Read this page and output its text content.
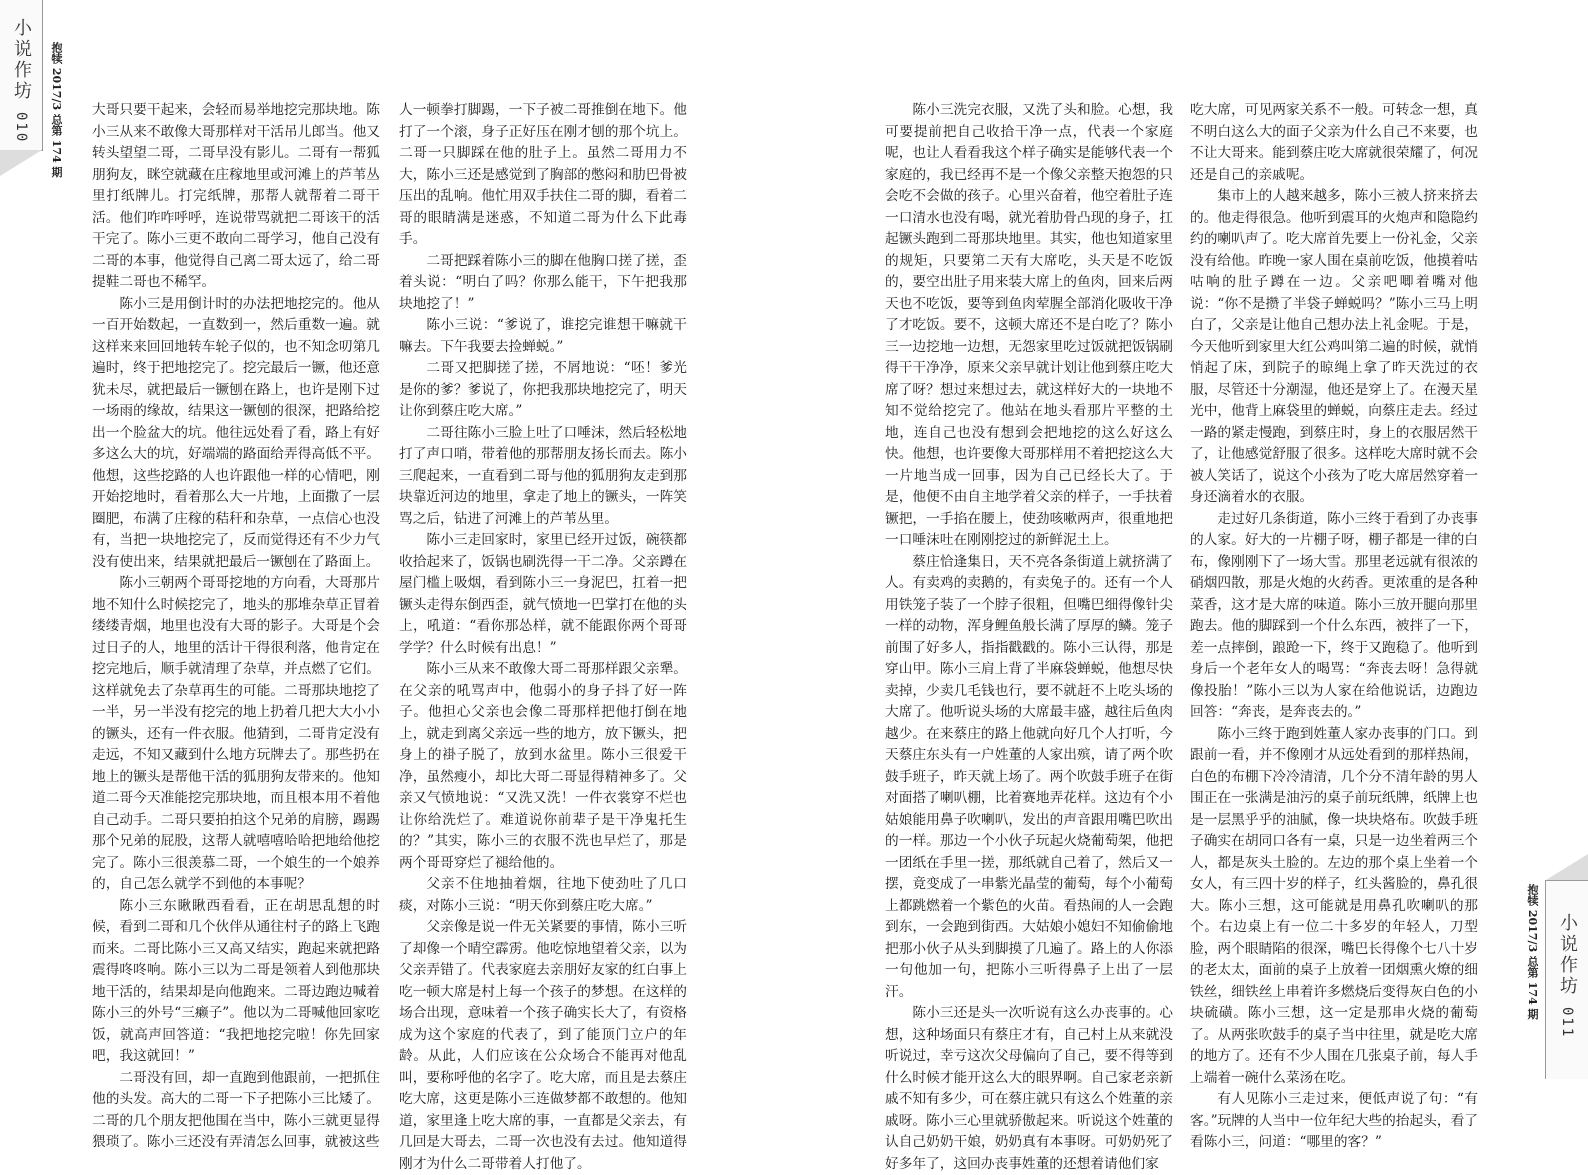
小说作坊
010 抱犊 2017/3 总第 174 期
小说作坊
011
抱犊 2017/3 总第 174 期

大哥只要干起来，会轻而易举地挖完那块地。陈小三从来不敢像大哥那样对干活吊儿郎当。他又转头望望二哥，二哥早没有影儿。二哥有一帮狐朋狗友，眯空就藏在庄稼地里或河滩上的芦苇丛里打纸牌儿。打完纸牌，那帮人就帮着二哥干活。他们咋咋呼呼，连说带骂就把二哥该干的活干完了。陈小三更不敢向二哥学习，他自己没有二哥的本事，他觉得自己离二哥太远了，给二哥提鞋二哥也不稀罕。

陈小三是用倒计时的办法把地挖完的。他从一百开始数起，一直数到一，然后重数一遍。就这样来来回回地转车轮子似的，也不知念叨第几遍时，终于把地挖完了。挖完最后一镢，他还意犹未尽，就把最后一镢刨在路上，也许是刚下过一场雨的缘故，结果这一镢刨的很深，把路给挖出一个脸盆大的坑。他往远处看了看，路上有好多这么大的坑，好端端的路面给弄得高低不平。他想，这些挖路的人也许跟他一样的心情吧，刚开始挖地时，看着那么大一片地，上面撒了一层圈肥，布满了庄稼的秸秆和杂草，一点信心也没有，当把一块地挖完了，反而觉得还有不少力气没有使出来，结果就把最后一镢刨在了路面上。

陈小三朝两个哥哥挖地的方向看，大哥那片地不知什么时候挖完了，地头的那堆杂草正冒着缕缕青烟，地里也没有大哥的影子。大哥是个会过日子的人，地里的活计干得很利落，他肯定在挖完地后，顺手就清理了杂草，并点燃了它们。这样就免去了杂草再生的可能。二哥那块地挖了一半，另一半没有挖完的地上扔着几把大大小小的镢头，还有一件衣服。他猜到，二哥肯定没有走远，不知又藏到什么地方玩牌去了。那些扔在地上的镢头是帮他干活的狐朋狗友带来的。他知道二哥今天准能挖完那块地，而且根本用不着他自己动手。二哥只要拍拍这个兄弟的肩膀，踢踢那个兄弟的屁股，这帮人就嘻嘻哈哈把地给他挖完了。陈小三很羡慕二哥，一个娘生的一个娘养的，自己怎么就学不到他的本事呢？

陈小三东瞅瞅西看看，正在胡思乱想的时候，看到二哥和几个伙伴从通往村子的路上飞跑而来。二哥比陈小三又高又结实，跑起来就把路震得咚咚响。陈小三以为二哥是领着人到他那块地干活的，结果却是向他跑来。二哥边跑边喊着陈小三的外号“三癞子”。他以为二哥喊他回家吃饭，就高声回答道：“我把地挖完啦！你先回家吧，我这就回！”

二哥没有回，却一直跑到他跟前，一把抓住他的头发。高大的二哥一下子把陈小三比矮了。二哥的几个朋友把他围在当中，陈小三就更显得猥琐了。陈小三还没有弄清怎么回事，就被这些

人一顿拳打脚踢，一下子被二哥推倒在地下。他打了一个滚，身子正好压在刚才刨的那个坑上。二哥一只脚踩在他的肚子上。虽然二哥用力不大，陈小三还是感觉到了胸部的憋闷和肋巴骨被压出的乱响。他忙用双手扶住二哥的脚，看着二哥的眼睛满是迷惑，不知道二哥为什么下此毒手。

二哥把踩着陈小三的脚在他胸口搓了搓，歪着头说：“明白了吗？你那么能干，下午把我那块地挖了！”

陈小三说：“爹说了，谁挖完谁想干嘛就干嘛去。下午我要去捡蝉蜕。”

二哥又把脚搓了搓，不屑地说：“呸！爹光是你的爹？爹说了，你把我那块地挖完了，明天让你到蔡庄吃大席。”

二哥往陈小三脸上吐了口唾沫，然后轻松地打了声口哨，带着他的那帮朋友扬长而去。陈小三爬起来，一直看到二哥与他的狐朋狗友走到那块靠近河边的地里，拿走了地上的镢头，一阵笑骂之后，钻进了河滩上的芦苇丛里。

陈小三走回家时，家里已经开过饭，碗筷都收拾起来了，饭锅也刷洗得一干二净。父亲蹲在屋门槛上吸烟，看到陈小三一身泥巴，扛着一把镢头走得东倒西歪，就气愤地一巴掌打在他的头上，吼道：“看你那怂样，就不能跟你两个哥哥学学？什么时候有出息！”

陈小三从来不敢像大哥二哥那样跟父亲犟。在父亲的吼骂声中，他弱小的身子抖了好一阵子。他担心父亲也会像二哥那样把他打倒在地上，就走到离父亲远一些的地方，放下镢头，把身上的褂子脱了，放到水盆里。陈小三很爱干净，虽然瘦小，却比大哥二哥显得精神多了。父亲又气愤地说：“又洗又洗！一件衣裳穿不烂也让你给洗烂了。难道说你前辈子是干净鬼托生的？”其实，陈小三的衣服不洗也早烂了，那是两个哥哥穿烂了褪给他的。

父亲不住地抽着烟，往地下使劲吐了几口痰，对陈小三说：“明天你到蔡庄吃大席。”

父亲像是说一件无关紧要的事情，陈小三听了却像一个晴空霹雳。他吃惊地望着父亲，以为父亲弄错了。代表家庭去亲朋好友家的红白事上吃一顿大席是村上每一个孩子的梦想。在这样的场合出现，意味着一个孩子确实长大了，有资格成为这个家庭的代表了，到了能顶门立户的年龄。从此，人们应该在公众场合不能再对他乱叫，要称呼他的名字了。吃大席，而且是去蔡庄吃大席，这更是陈小三连做梦都不敢想的。他知道，家里逢上吃大席的事，一直都是父亲去，有几回是大哥去，二哥一次也没有去过。他知道得刚才为什么二哥带着人打他了。

陈小三洗完衣服，又洗了头和脸。心想，我可要提前把自己收拾干净一点，代表一个家庭呢，也让人看看我这个样子确实是能够代表一个家庭的，我已经再不是一个像父亲整天抱怨的只会吃不会做的孩子。心里兴奋着，他空着肚子连一口清水也没有喝，就光着肋骨凸现的身子，扛起镢头跑到二哥那块地里。其实，他也知道家里的规矩，只要第二天有大席吃，头天是不吃饭的，要空出肚子用来装大席上的鱼肉，回来后两天也不吃饭，要等到鱼肉荤腥全部消化吸收干净了才吃饭。要不，这顿大席还不是白吃了？陈小三一边挖地一边想，无怨家里吃过饭就把饭锅刷得干干净净，原来父亲早就计划让他到蔡庄吃大席了呀？想过来想过去，就这样好大的一块地不知不觉给挖完了。他站在地头看那片平整的土地，连自己也没有想到会把地挖的这么好这么快。他想，也许要像大哥那样用不着把挖这么大一片地当成一回事，因为自己已经长大了。于是，他便不由自主地学着父亲的样子，一手扶着镢把，一手掐在腰上，使劲咳嗽两声，很重地把一口唾沫吐在刚刚挖过的新鲜泥土上。

蔡庄恰逢集日，天不亮各条街道上就挤满了人。有卖鸡的卖鹅的，有卖兔子的。还有一个人用铁笼子装了一个脖子很粗，但嘴巴细得像针尖一样的动物，浑身鲤鱼般长满了厚厚的鳞。笼子前围了好多人，指指戳戳的。陈小三认得，那是穿山甲。陈小三肩上背了半麻袋蝉蜕，他想尽快卖掉，少卖几毛钱也行，要不就赶不上吃头场的大席了。他听说头场的大席最丰盛，越往后鱼肉越少。在来蔡庄的路上他就向好几个人打听，今天蔡庄东头有一户姓董的人家出殡，请了两个吹鼓手班子，昨天就上场了。两个吹鼓手班子在街对面搭了喇叭棚，比着赛地弄花样。这边有个小姑娘能用鼻子吹喇叭，发出的声音跟用嘴巴吹出的一样。那边一个小伙子玩起火烧葡萄架，他把一团纸在手里一搓，那纸就自己着了，然后又一摆，竟变成了一串紫光晶莹的葡萄，每个小葡萄上都跳燃着一个紫色的火苗。看热闹的人一会跑到东，一会跑到街西。大姑娘小媳妇不知偷偷地把那小伙子从头到脚摸了几遍了。路上的人你添一句他加一句，把陈小三听得鼻子上出了一层汗。

陈小三还是头一次听说有这么办丧事的。心想，这种场面只有蔡庄才有，自己村上从来就没听说过，幸亏这次父母偏向了自己，要不得等到什么时候才能开这么大的眼界啊。自己家老亲新戚不知有多少，可在蔡庄就只有这么个姓董的亲戚呀。陈小三心里就骄傲起来。听说这个姓董的认自己奶奶干娘，奶奶真有本事呀。可奶奶死了好多年了，这回办丧事姓董的还想着请他们家

吃大席，可见两家关系不一般。可转念一想，真不明白这么大的面子父亲为什么自己不来要，也不让大哥来。能到蔡庄吃大席就很荣耀了，何况还是自己的亲戚呢。

集市上的人越来越多，陈小三被人挤来挤去的。他走得很急。他听到震耳的火炮声和隐隐约约的喇叭声了。吃大席首先要上一份礼金，父亲没有给他。昨晚一家人围在桌前吃饭，他摸着咕咕响的肚子蹲在一边。父亲吧唧着嘴对他说：“你不是攒了半袋子蝉蜕吗？”陈小三马上明白了，父亲是让他自己想办法上礼金呢。于是，今天他听到家里大红公鸡叫第二遍的时候，就悄悄起了床，到院子的晾绳上拿了昨天洗过的衣服，尽管还十分潮湿，他还是穿上了。在漫天星光中，他背上麻袋里的蝉蜕，向蔡庄走去。经过一路的紧走慢跑，到蔡庄时，身上的衣服居然干了，让他感觉舒服了很多。这样吃大席时就不会被人笑话了，说这个小孩为了吃大席居然穿着一身还滴着水的衣服。

走过好几条街道，陈小三终于看到了办丧事的人家。好大的一片棚子呀，棚子都是一律的白布，像刚刚下了一场大雪。那里老远就有很浓的硝烟四散，那是火炮的火药香。更浓重的是各种菜香，这才是大席的味道。陈小三放开腿向那里跑去。他的脚踩到一个什么东西，被拌了一下，差一点摔倒，踉跄一下，终于又跑稳了。他听到身后一个老年女人的喝骂：“奔丧去呀！急得就像投胎！”陈小三以为人家在给他说话，边跑边回答：“奔丧，是奔丧去的。”

陈小三终于跑到姓董人家办丧事的门口。到跟前一看，并不像刚才从远处看到的那样热闹，白色的布棚下冷冷清清，几个分不清年龄的男人围正在一张满是油污的桌子前玩纸牌，纸牌上也是一层黑乎乎的油腻，像一块块烙布。吹鼓手班子确实在胡同口各有一桌，只是一边坐着两三个人，都是灰头土脸的。左边的那个桌上坐着一个女人，有三四十岁的样子，红头酱脸的，鼻孔很大。陈小三想，这可能就是用鼻孔吹喇叭的那个。右边桌上有一位二十多岁的年轻人，刀型脸，两个眼睛陷的很深，嘴巴长得像个七八十岁的老太太，面前的桌子上放着一团烟熏火燎的细铁丝，细铁丝上串着许多燃烧后变得灰白色的小块硫磺。陈小三想，这一定是那串火烧的葡萄了。从两张吹鼓手的桌子当中往里，就是吃大席的地方了。还有不少人围在几张桌子前，每人手上端着一碗什么菜汤在吃。

有人见陈小三走过来，便低声说了句：“有客。”玩牌的人当中一位年纪大些的抬起头，看了看陈小三，问道：“哪里的客？”
